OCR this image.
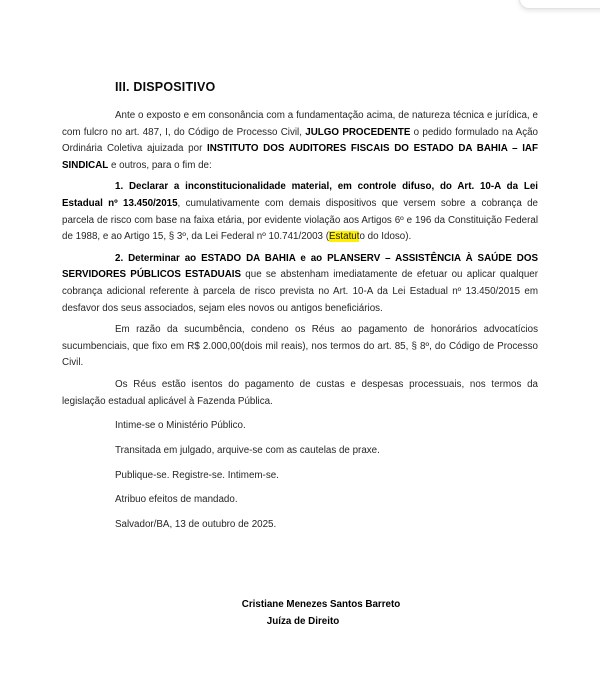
III. DISPOSITIVO

Ante o exposto e em consonância com a fundamentação acima, de natureza técnica e jurídica, e com fulcro no art. 487, I, do Código de Processo Civil, JULGO PROCEDENTE o pedido formulado na Ação Ordinária Coletiva ajuizada por INSTITUTO DOS AUDITORES FISCAIS DO ESTADO DA BAHIA – IAF SINDICAL e outros, para o fim de:

1. Declarar a inconstitucionalidade material, em controle difuso, do Art. 10-A da Lei Estadual nº 13.450/2015, cumulativamente com demais dispositivos que versem sobre a cobrança de parcela de risco com base na faixa etária, por evidente violação aos Artigos 6º e 196 da Constituição Federal de 1988, e ao Artigo 15, § 3º, da Lei Federal nº 10.741/2003 (Estatuto do Idoso).

2. Determinar ao ESTADO DA BAHIA e ao PLANSERV – ASSISTÊNCIA À SAÚDE DOS SERVIDORES PÚBLICOS ESTADUAIS que se abstenham imediatamente de efetuar ou aplicar qualquer cobrança adicional referente à parcela de risco prevista no Art. 10-A da Lei Estadual nº 13.450/2015 em desfavor dos seus associados, sejam eles novos ou antigos beneficiários.

Em razão da sucumbência, condeno os Réus ao pagamento de honorários advocatícios sucumbenciais, que fixo em R$ 2.000,00(dois mil reais), nos termos do art. 85, § 8º, do Código de Processo Civil.

Os Réus estão isentos do pagamento de custas e despesas processuais, nos termos da legislação estadual aplicável à Fazenda Pública.

Intime-se o Ministério Público.

Transitada em julgado, arquive-se com as cautelas de praxe.

Publique-se. Registre-se. Intimem-se.

Atribuo efeitos de mandado.

Salvador/BA, 13 de outubro de 2025.

Cristiane Menezes Santos Barreto
Juíza de Direito
